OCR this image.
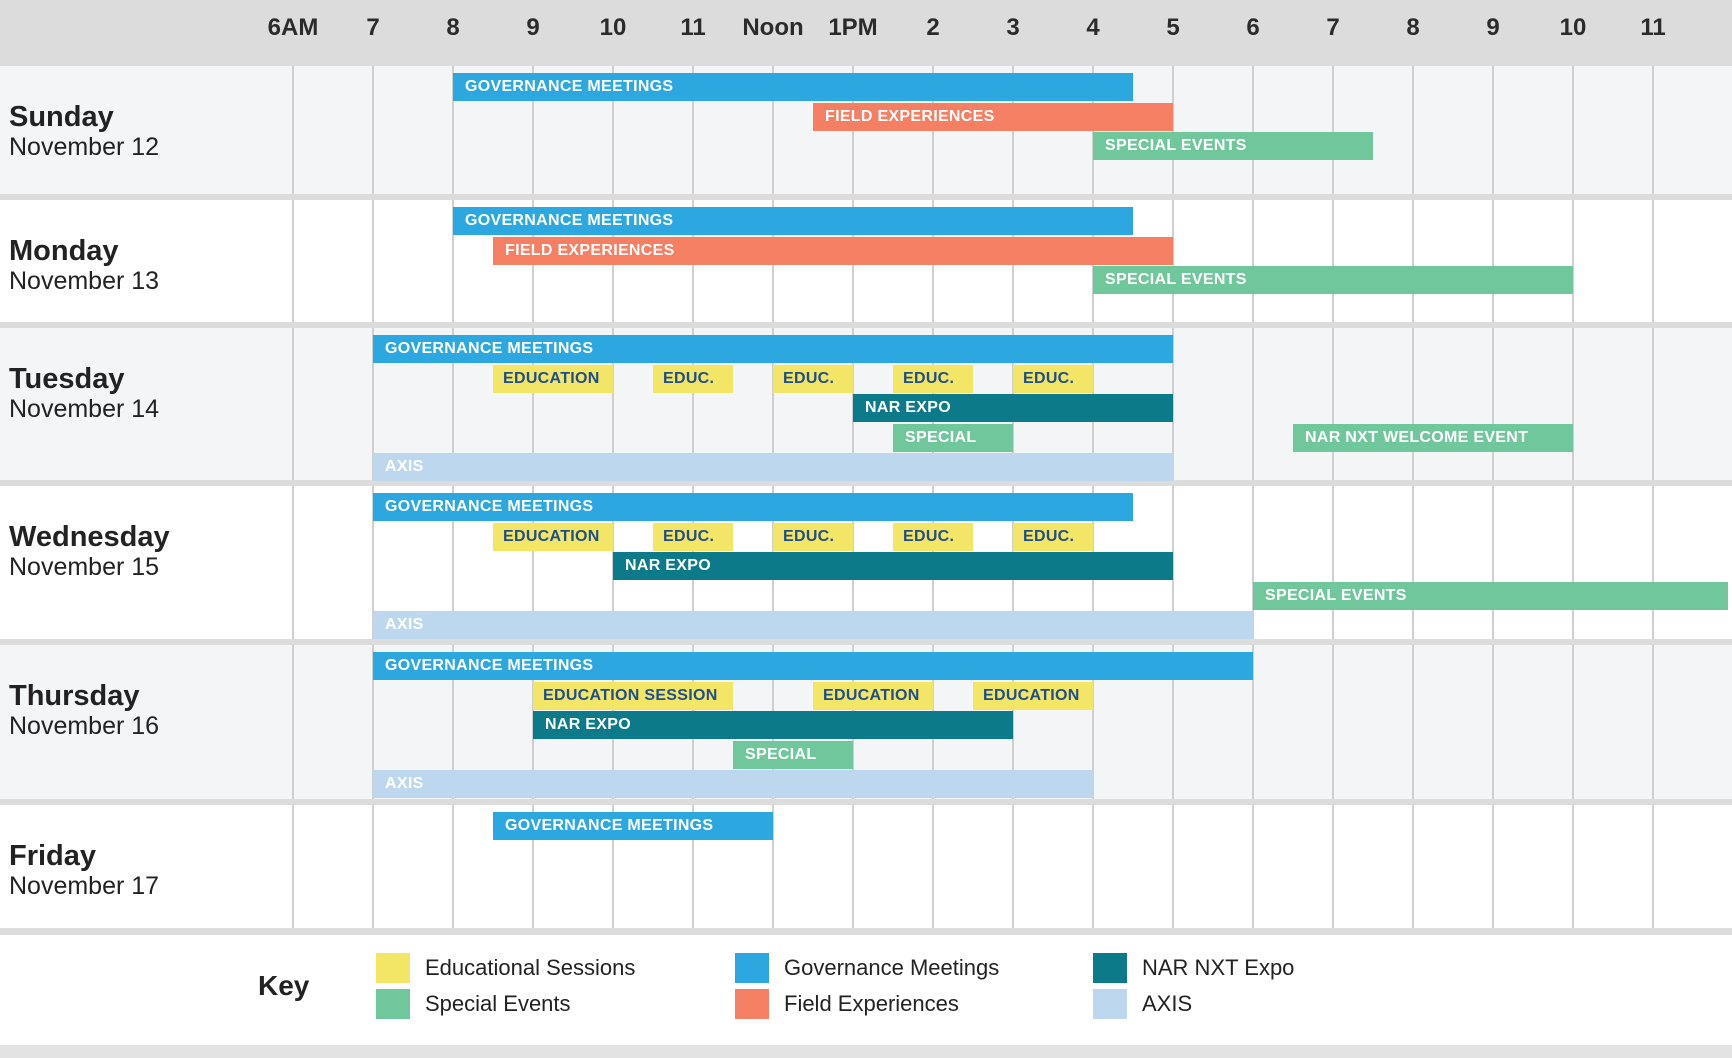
6AM	7	8	9	10	11	Noon	1PM	2	3	4	5	6	7	8	9	10	11
Sunday
November 12
GOVERNANCE MEETINGS
FIELD EXPERIENCES
SPECIAL EVENTS
Monday
November 13
GOVERNANCE MEETINGS
FIELD EXPERIENCES
SPECIAL EVENTS
Tuesday
November 14
GOVERNANCE MEETINGS
EDUCATION	EDUC.	EDUC.	EDUC.	EDUC.
NAR EXPO
SPECIAL	NAR NXT WELCOME EVENT
AXIS
Wednesday
November 15
GOVERNANCE MEETINGS
EDUCATION	EDUC.	EDUC.	EDUC.	EDUC.
NAR EXPO
SPECIAL EVENTS
AXIS
Thursday
November 16
GOVERNANCE MEETINGS
EDUCATION SESSION	EDUCATION	EDUCATION
NAR EXPO
SPECIAL
AXIS
Friday
November 17
GOVERNANCE MEETINGS
Key
Educational Sessions
Special Events
Governance Meetings
Field Experiences
NAR NXT Expo
AXIS
